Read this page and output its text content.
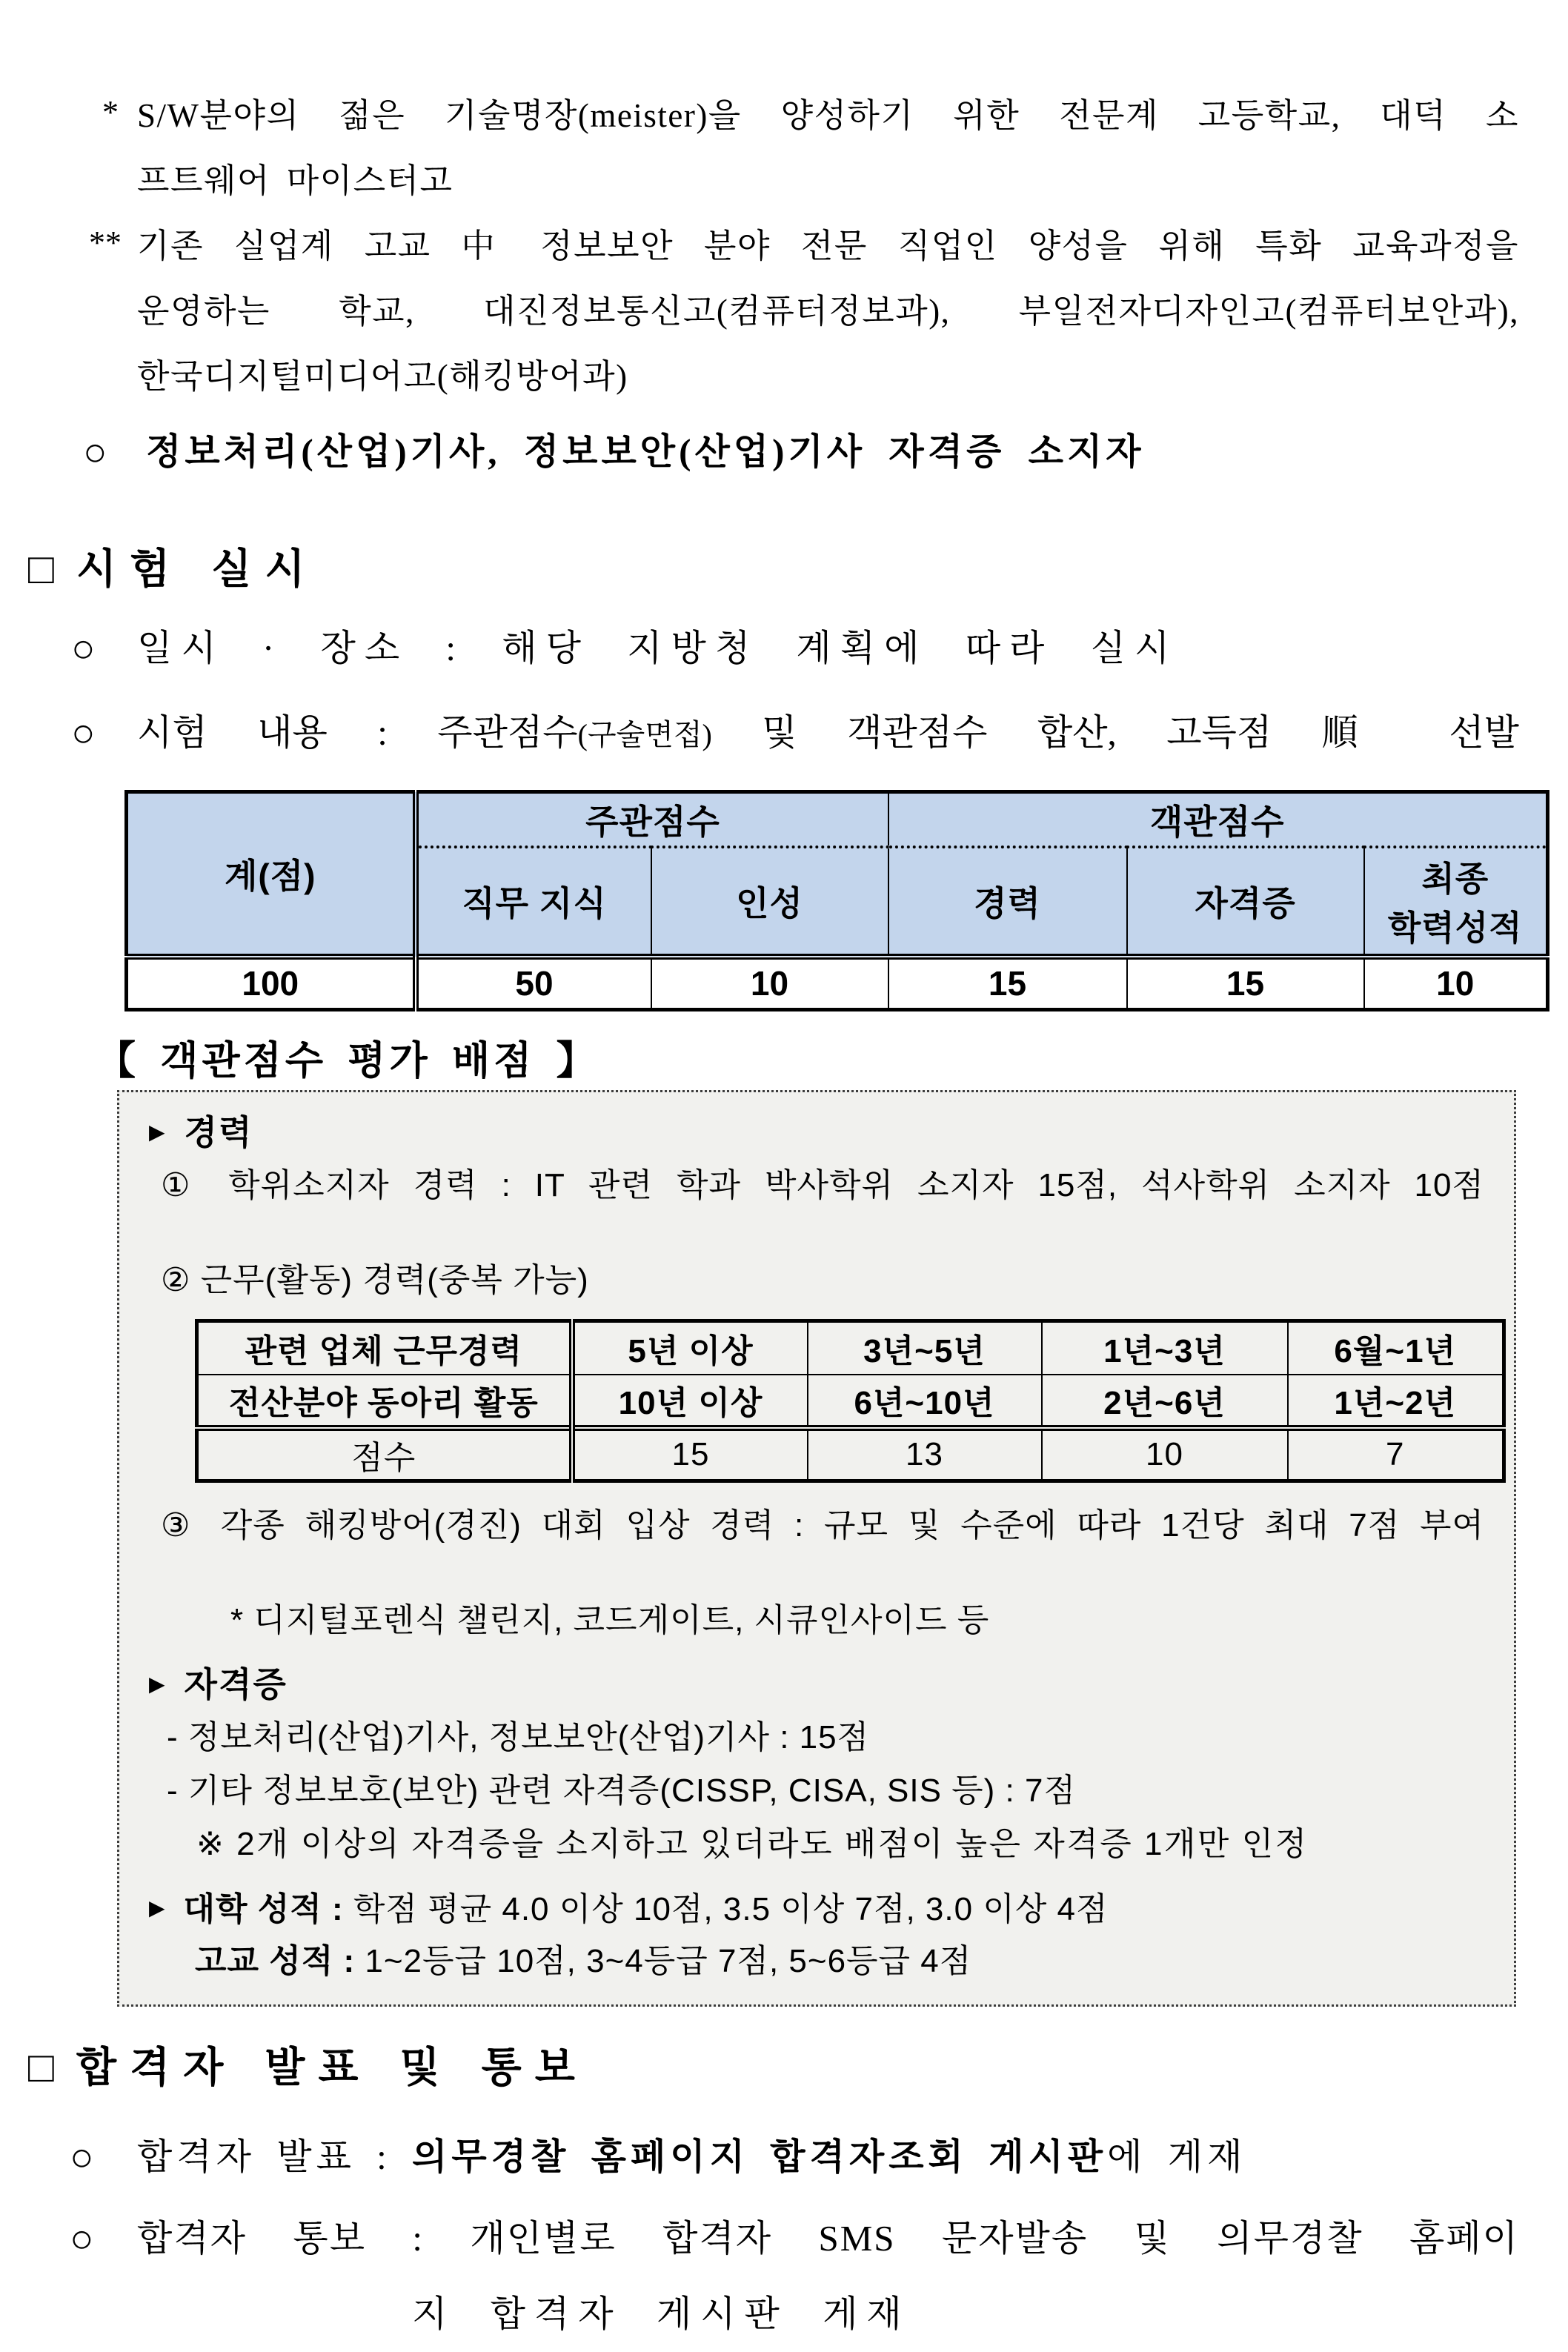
* S/W분야의 젊은 기술명장(meister)을 양성하기 위한 전문계 고등학교, 대덕 소
프트웨어 마이스터고
** 기존 실업계 고교 中 정보보안 분야 전문 직업인 양성을 위해 특화 교육과정을
운영하는 학교, 대진정보통신고(컴퓨터정보과), 부일전자디자인고(컴퓨터보안과),
한국디지털미디어고(해킹방어과)
○ 정보처리(산업)기사, 정보보안(산업)기사 자격증 소지자
□ 시험 실시
○ 일시 · 장소 : 해당 지방청 계획에 따라 실시
○ 시험 내용 : 주관점수(구술면접) 및 객관점수 합산, 고득점 順 선발
계(점)	주관점수		객관점수		
	직무 지식	인성	경력	자격증	최종
학력성적

100	50	10	15	15	10
【 객관점수 평가 배점 】
▶ 경력
① 학위소지자 경력 : IT 관련 학과 박사학위 소지자 15점, 석사학위 소지자 10점
② 근무(활동) 경력(중복 가능)
관련 업체 근무경력	5년 이상	3년~5년	1년~3년	6월~1년
전산분야 동아리 활동	10년 이상	6년~10년	2년~6년	1년~2년
점수	15	13	10	7
③ 각종 해킹방어(경진) 대회 입상 경력 : 규모 및 수준에 따라 1건당 최대 7점 부여
* 디지털포렌식 챌린지, 코드게이트, 시큐인사이드 등
▶ 자격증
- 정보처리(산업)기사, 정보보안(산업)기사 : 15점
- 기타 정보보호(보안) 관련 자격증(CISSP, CISA, SIS 등) : 7점
※ 2개 이상의 자격증을 소지하고 있더라도 배점이 높은 자격증 1개만 인정
▶ 대학 성적 : 학점 평균 4.0 이상 10점, 3.5 이상 7점, 3.0 이상 4점
고교 성적 : 1~2등급 10점, 3~4등급 7점, 5~6등급 4점
□ 합격자 발표 및 통보
○ 합격자 발표 : 의무경찰 홈페이지 합격자조회 게시판에 게재
○ 합격자 통보 : 개인별로 합격자 SMS 문자발송 및 의무경찰 홈페이
지 합격자 게시판 게재
